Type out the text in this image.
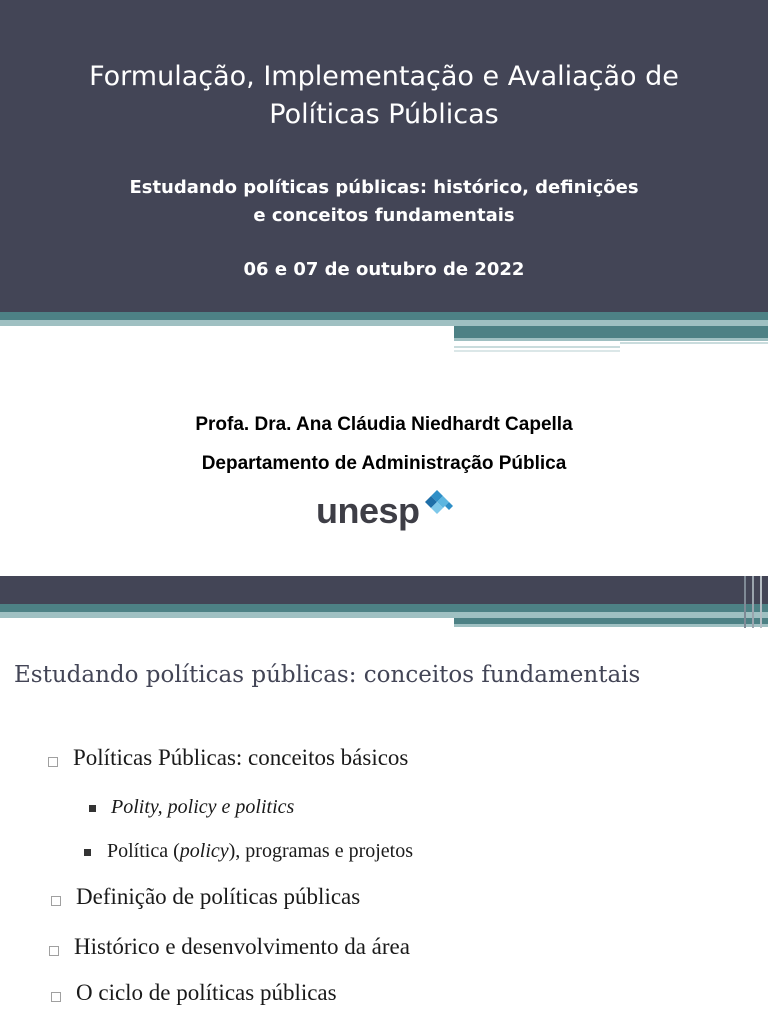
Formulação, Implementação e Avaliação de
Políticas Públicas
Estudando políticas públicas: histórico, definições
e conceitos fundamentais
06 e 07 de outubro de 2022
Profa. Dra. Ana Cláudia Niedhardt Capella
Departamento de Administração Pública
unesp
Estudando políticas públicas: conceitos fundamentais
Políticas Públicas: conceitos básicos
Polity, policy e politics
Política (policy), programas e projetos
Definição de políticas públicas
Histórico e desenvolvimento da área
O ciclo de políticas públicas
